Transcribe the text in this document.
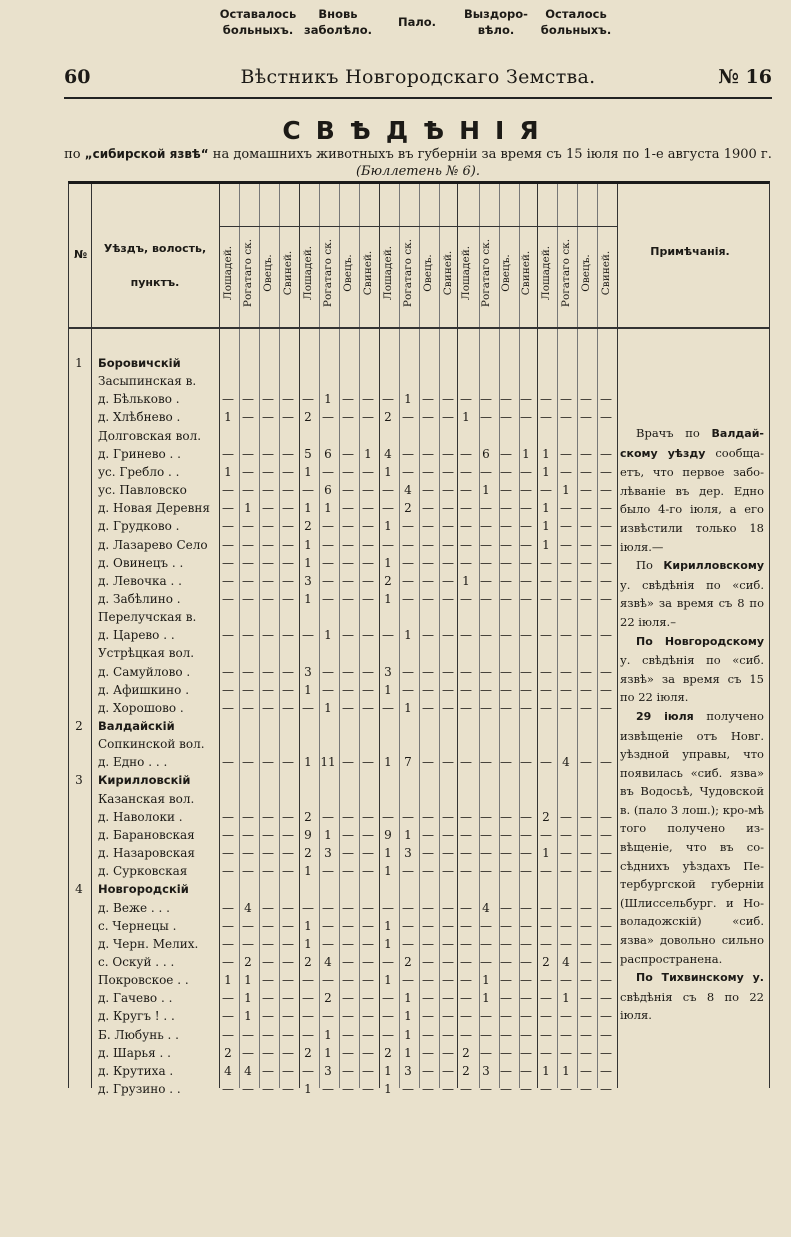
60	Вѣстникъ Новгородскаго Земства.	№ 16
СВѢДѢНІЯ
по „сибирской язвѣ“ на домашнихъ животныхъ въ губерніи за время съ 15 іюля по 1-е августа 1900 г.
(Бюллетень № 6).
Оставалось больныхъ.
Вновь заболѣло.
Пало.
Выздоро-вѣло.
Осталось больныхъ.
№	Уѣздъ, волость, пунктъ.
Примѣчанія.
Лошадей. Рогатаго ск. Овецъ. Свиней. Лошадей. Рогатаго ск. Овецъ. Свиней. Лошадей. Рогатаго ск. Овецъ. Свиней. Лошадей. Рогатаго ск. Овецъ. Свиней. Лошадей. Рогатаго ск. Овецъ. Свиней.
1	Боровичскій
Засыпинская в.
д. Бѣльково .	— — — — — 1 — — — 1 — — — — — — — — — —
д. Хлѣбнево .	1 — — — 2 — — — 2 — — — 1 — — — — — — —
Долговская вол.
д. Гринево . .	— — — — 5	6 — 1	4 — — — — 6 — 1	1 — — —
ус. Гребло . .	1 — — — 1 — — — 1 — — — — — — — 1 — — —
ус. Павловско	— — — — — 6 — — — 4 — — — 1 — — — 1 — —
д. Новая Деревня	— 1 — — 1	1 — — — 2 — — — — — — 1 — — —
д. Грудково .	— — — — 2 — — — 1 — — — — — — — 1 — — —
д. Лазарево Село	— — — — 1 — — — — — — — — — — — 1 — — —
д. Овинецъ . .	— — — — 1 — — — 1 — — — — — — — — — — —
д. Левочка . .	— — — — 3 — — — 2 — — — 1 — — — — — — —
д. Забѣлино .	— — — — 1 — — — 1 — — — — — — — — — — —
Перелучская в.
д. Царево . .	— — — — — 1 — — — 1 — — — — — — — — — —
Устрѣцкая вол.
д. Самуйлово .	— — — — 3 — — — 3 — — — — — — — — — — —
д. Афишкино .	— — — — 1 — — — 1 — — — — — — — — — — —
д. Хорошово .	— — — — — 1 — — — 1 — — — — — — — — — —
2	Валдайскій
Сопкинской вол.
д. Едно . . .	— — — — 1 11 — — 1	7 — — — — — — — 4 — —
3	Кирилловскій
Казанская вол.
д. Наволоки .	— — — — 2 — — — — — — — — — — — 2 — — —
д. Барановская	— — — — 9	1 — — 9	1 — — — — — — — — — —
д. Назаровская	— — — — 2	3 — — 1	3 — — — — — — 1 — — —
д. Сурковская	— — — — 1 — — — 1 — — — — — — — — — — —
4	Новгородскій
д. Веже . . .	— 4 — — — — — — — — — — — 4 — — — — — —
с. Чернецы .	— — — — 1 — — — 1 — — — — — — — — — — —
д. Черн. Мелих.	— — — — 1 — — — 1 — — — — — — — — — — —
с. Оскуй . . .	— 2 — — 2	4 — — — 2 — — — — — — 2	4 — —
Покровское . .	1	1 — — — — — — 1 — — — — 1 — — — — — —
д. Гачево . .	— 1 — — — 2 — — — 1 — — — 1 — — — 1 — —
д. Кругъ ! . .	— 1 — — — — — — — 1 — — — — — — — — — —
Б. Любунь . .	— — — — — 1 — — — 1 — — — — — — — — — —
д. Шарья . .	2 — — — 2	1 — — 2	1 — — 2 — — — — — — —
д. Крутиха .	4	4 — — — 3 — — 1	3 — — 2	3 — — 1	1 — —
д. Грузино . .	— — — — 1 — — — 1 — — — — — — — — — — —

Врачъ по Валдай-скому уѣзду сообща-етъ, что первое забо-лѣваніе въ дер. Едно было 4-го іюля, а его извѣстили только 18 іюля.—

По Кирилловскому у. свѣдѣнія по «сиб. язвѣ» за время съ 8 по 22 іюля.–

По Новгородскому у. свѣдѣнія по «сиб. язвѣ» за время съ 15 по 22 іюля.

29 іюля получено извѣщеніе отъ Новг. уѣздной управы, что появилась «сиб. язва» въ Водосьѣ, Чудовской в. (пало 3 лош.); кро-мѣ того получено из-вѣщеніе, что въ со-сѣднихъ уѣздахъ Пе-тербургской губерніи (Шлиссельбург. и Но-воладожскій) «сиб. язва» довольно сильно распространена.

По Тихвинскому у. свѣдѣнія съ 8 по 22 іюля.
